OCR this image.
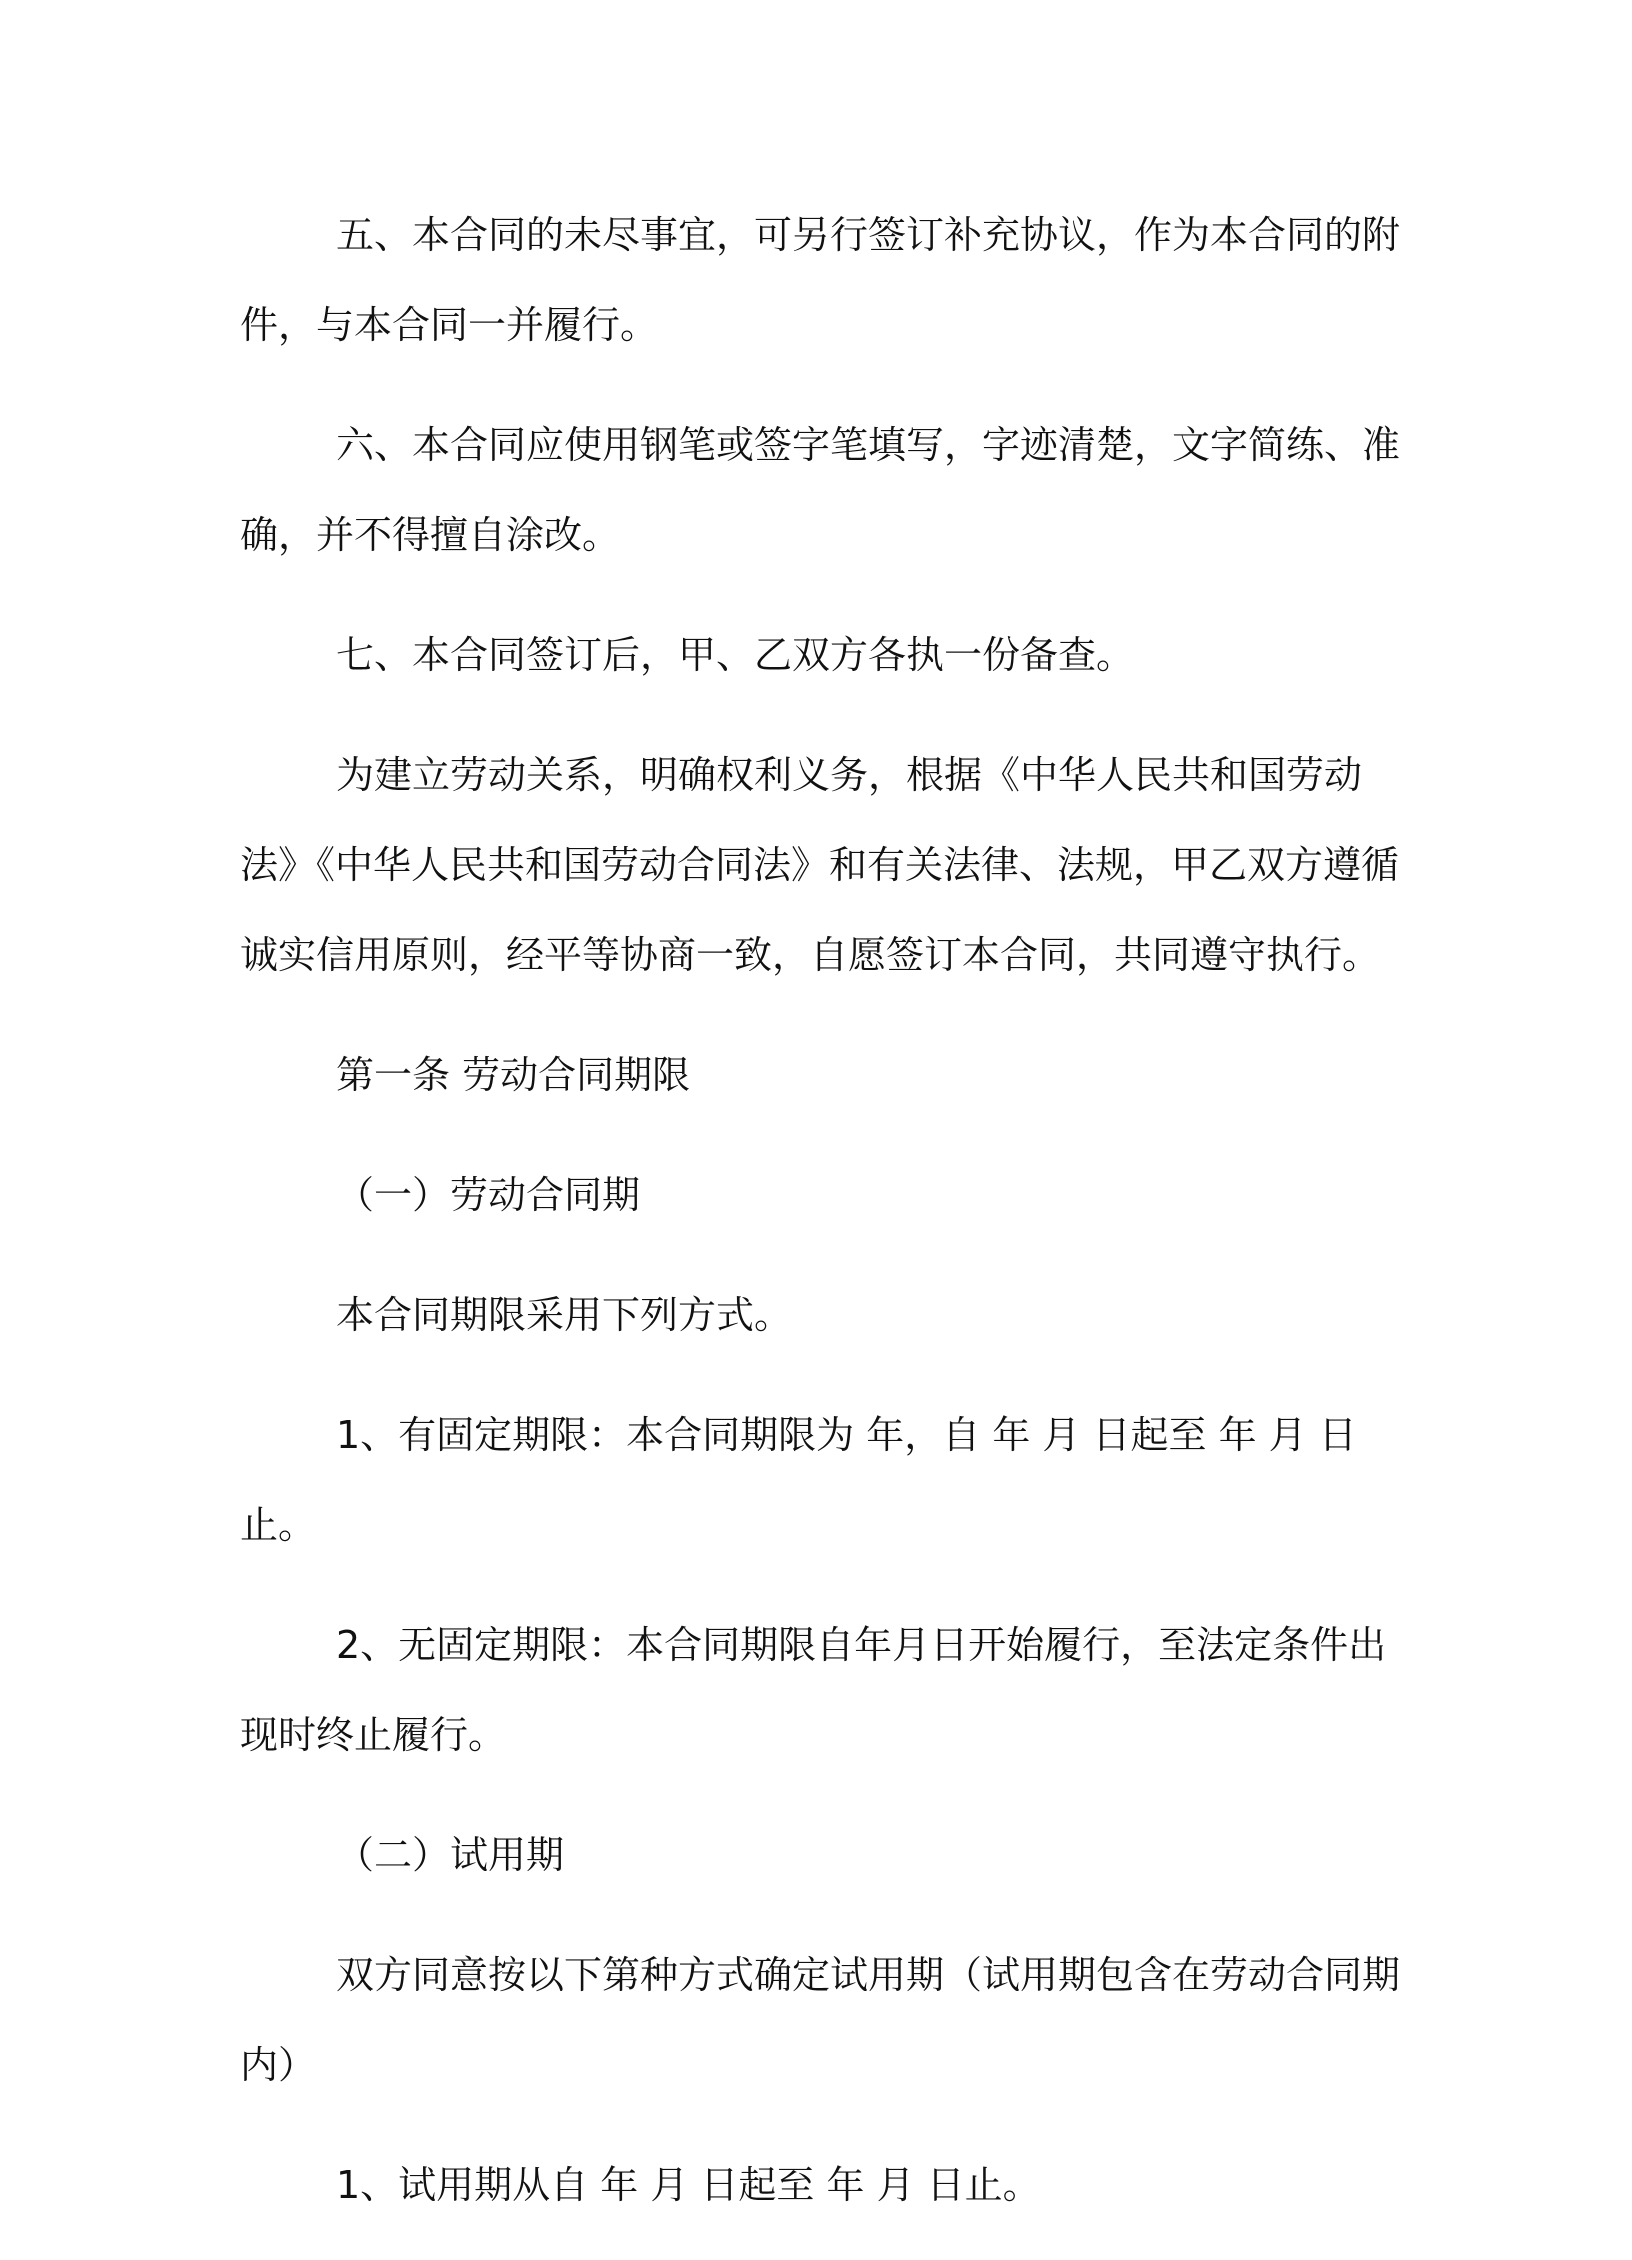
五、本合同的未尽事宜，可另行签订补充协议，作为本合同的附件，与本合同一并履行。

六、本合同应使用钢笔或签字笔填写，字迹清楚，文字简练、准确，并不得擅自涂改。

七、本合同签订后，甲、乙双方各执一份备查。

为建立劳动关系，明确权利义务，根据《中华人民共和国劳动法》《中华人民共和国劳动合同法》和有关法律、法规，甲乙双方遵循诚实信用原则，经平等协商一致，自愿签订本合同，共同遵守执行。

第一条 劳动合同期限

（一）劳动合同期

本合同期限采用下列方式。

1、有固定期限：本合同期限为 年，自 年 月 日起至 年 月 日止。

2、无固定期限：本合同期限自年月日开始履行，至法定条件出现时终止履行。

（二）试用期

双方同意按以下第种方式确定试用期（试用期包含在劳动合同期内）

1、试用期从自 年 月 日起至 年 月 日止。
